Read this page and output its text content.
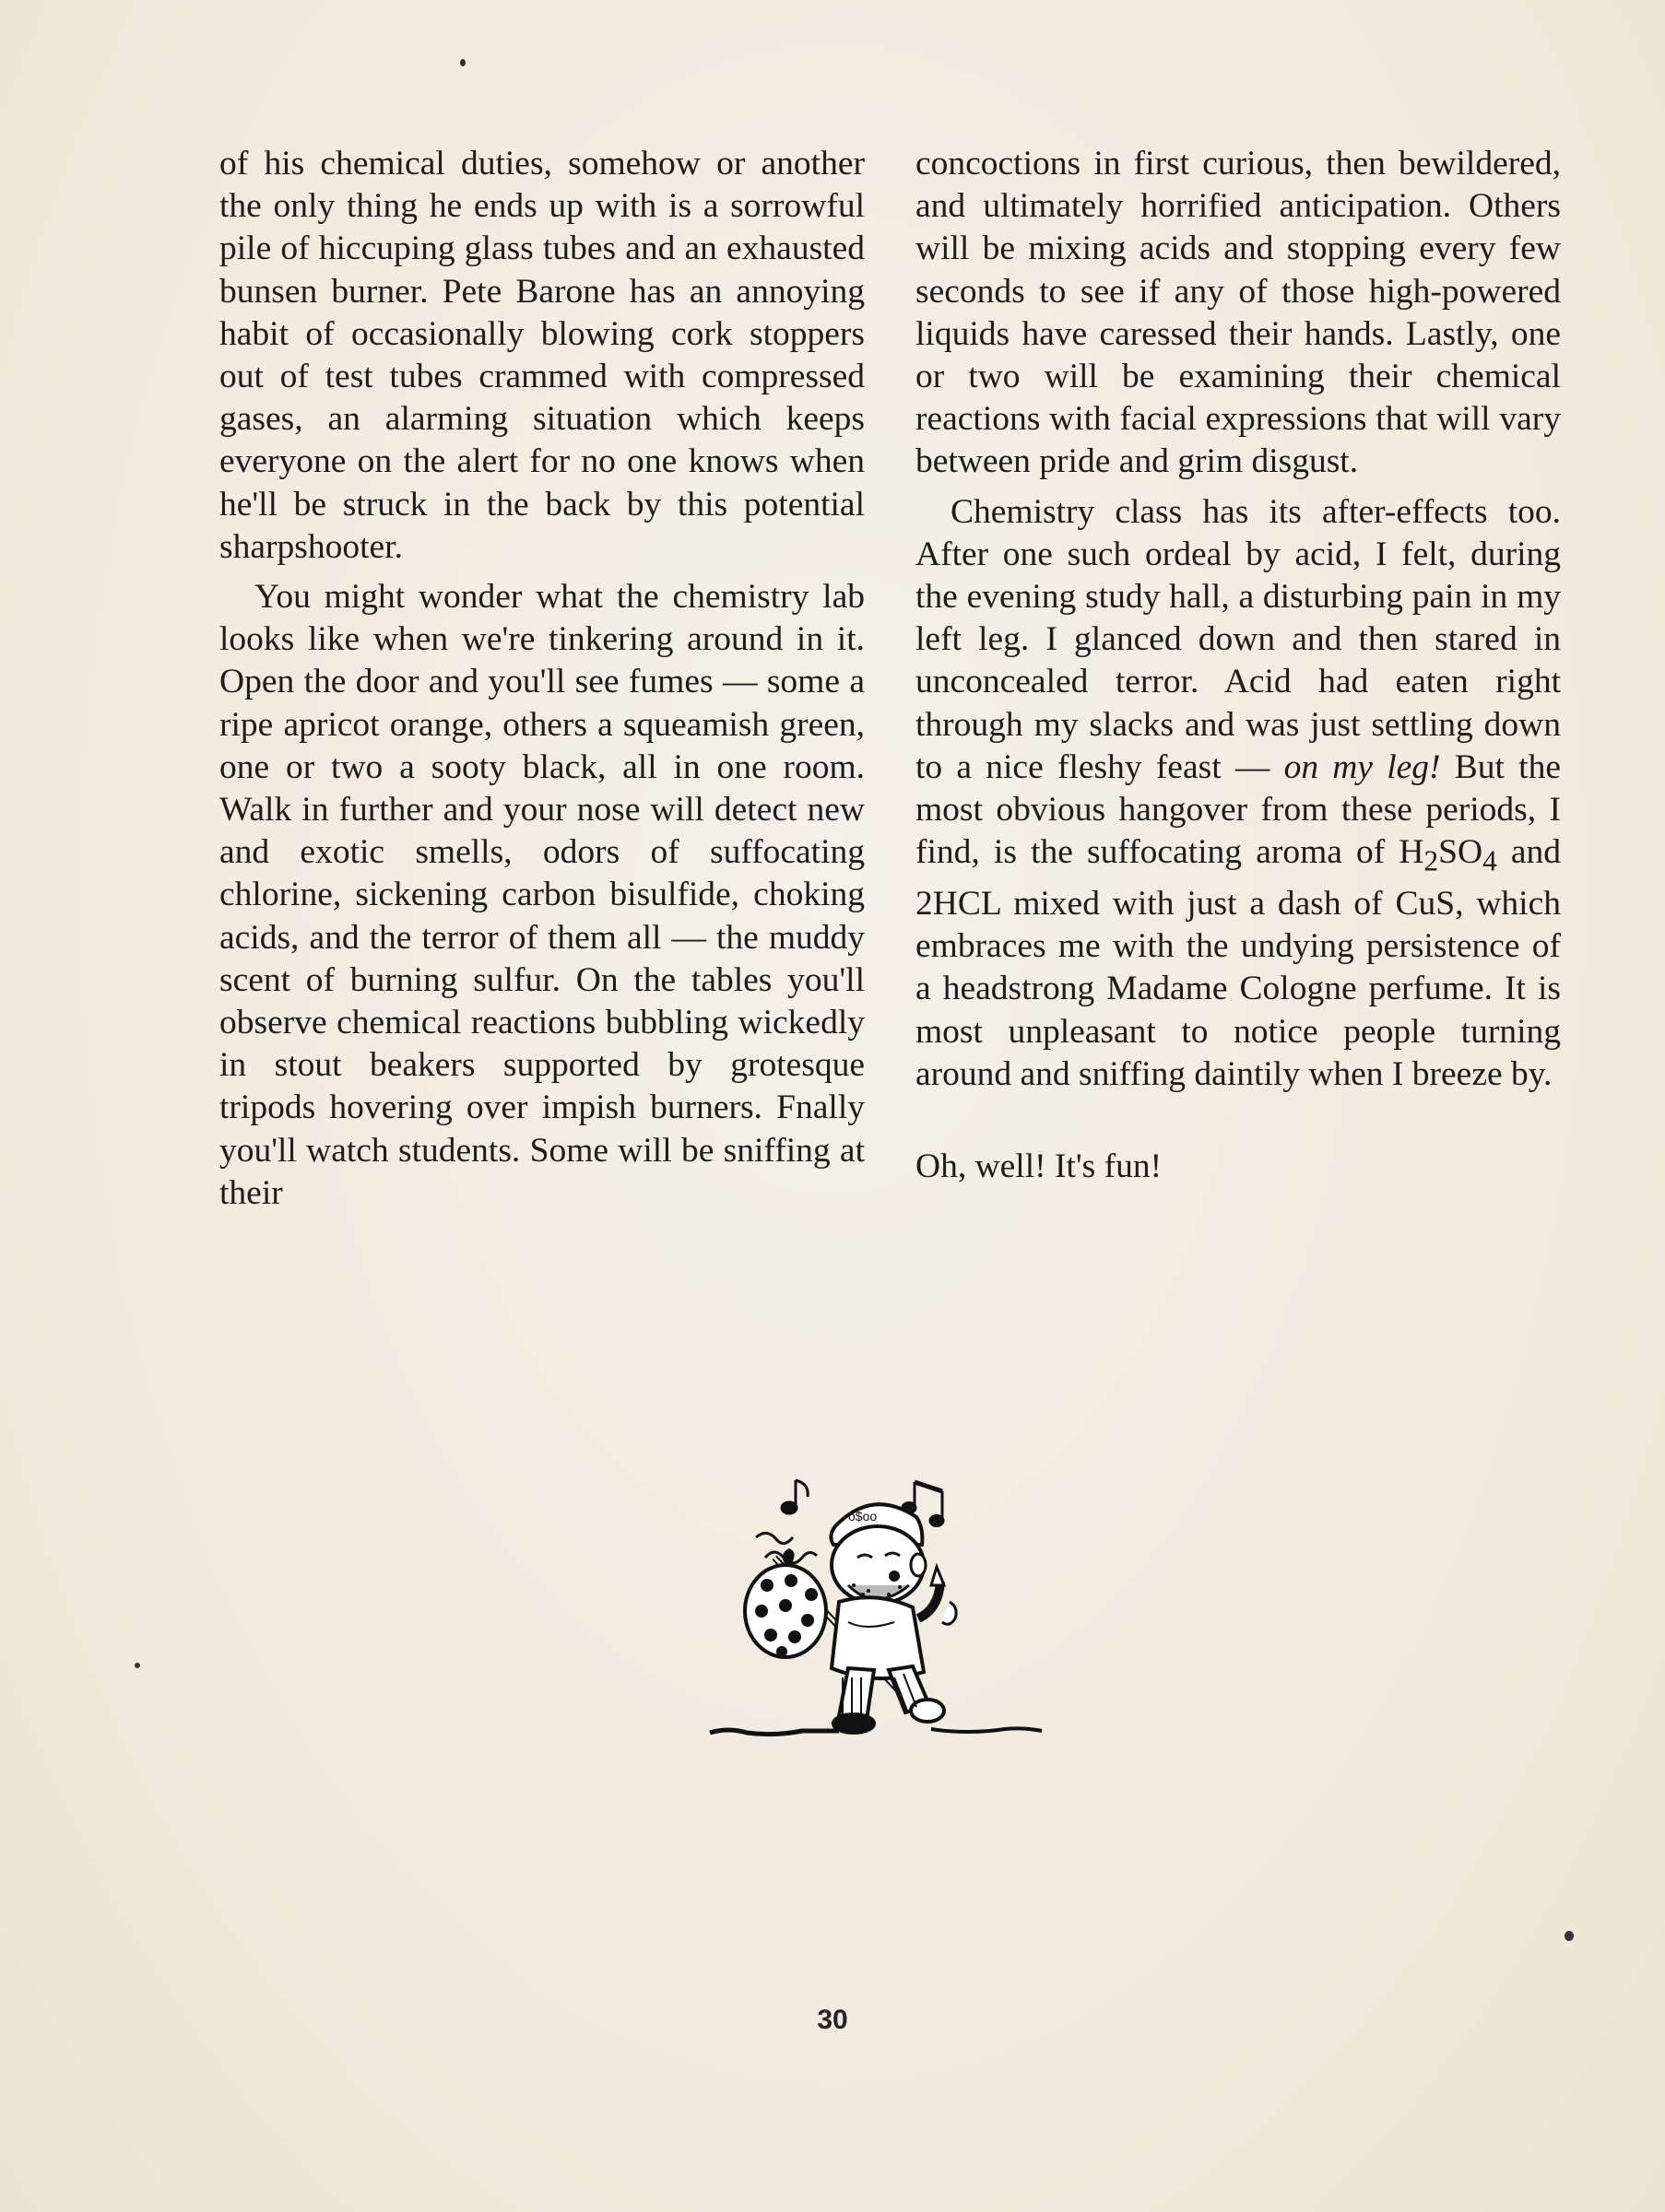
of his chemical duties, somehow or another the only thing he ends up with is a sorrowful pile of hiccuping glass tubes and an exhausted bunsen burner. Pete Barone has an annoying habit of occasionally blowing cork stoppers out of test tubes crammed with compressed gases, an alarming situation which keeps everyone on the alert for no one knows when he'll be struck in the back by this potential sharpshooter.

You might wonder what the chemistry lab looks like when we're tinkering around in it. Open the door and you'll see fumes — some a ripe apricot orange, others a squeamish green, one or two a sooty black, all in one room. Walk in further and your nose will detect new and exotic smells, odors of suffocating chlorine, sickening carbon bisulfide, choking acids, and the terror of them all — the muddy scent of burning sulfur. On the tables you'll observe chemical reactions bubbling wickedly in stout beakers supported by grotesque tripods hovering over impish burners. Fnally you'll watch students. Some will be sniffing at their

concoctions in first curious, then bewildered, and ultimately horrified anticipation. Others will be mixing acids and stopping every few seconds to see if any of those high-powered liquids have caressed their hands. Lastly, one or two will be examining their chemical reactions with facial expressions that will vary between pride and grim disgust.

Chemistry class has its after-effects too. After one such ordeal by acid, I felt, during the evening study hall, a disturbing pain in my left leg. I glanced down and then stared in unconcealed terror. Acid had eaten right through my slacks and was just settling down to a nice fleshy feast — on my leg! But the most obvious hangover from these periods, I find, is the suffocating aroma of $H_2SO_4$ and 2HCL mixed with just a dash of CuS, which embraces me with the undying persistence of a headstrong Madame Cologne perfume. It is most unpleasant to notice people turning around and sniffing daintily when I breeze by.

Oh, well! It's fun!

o$oo
30
